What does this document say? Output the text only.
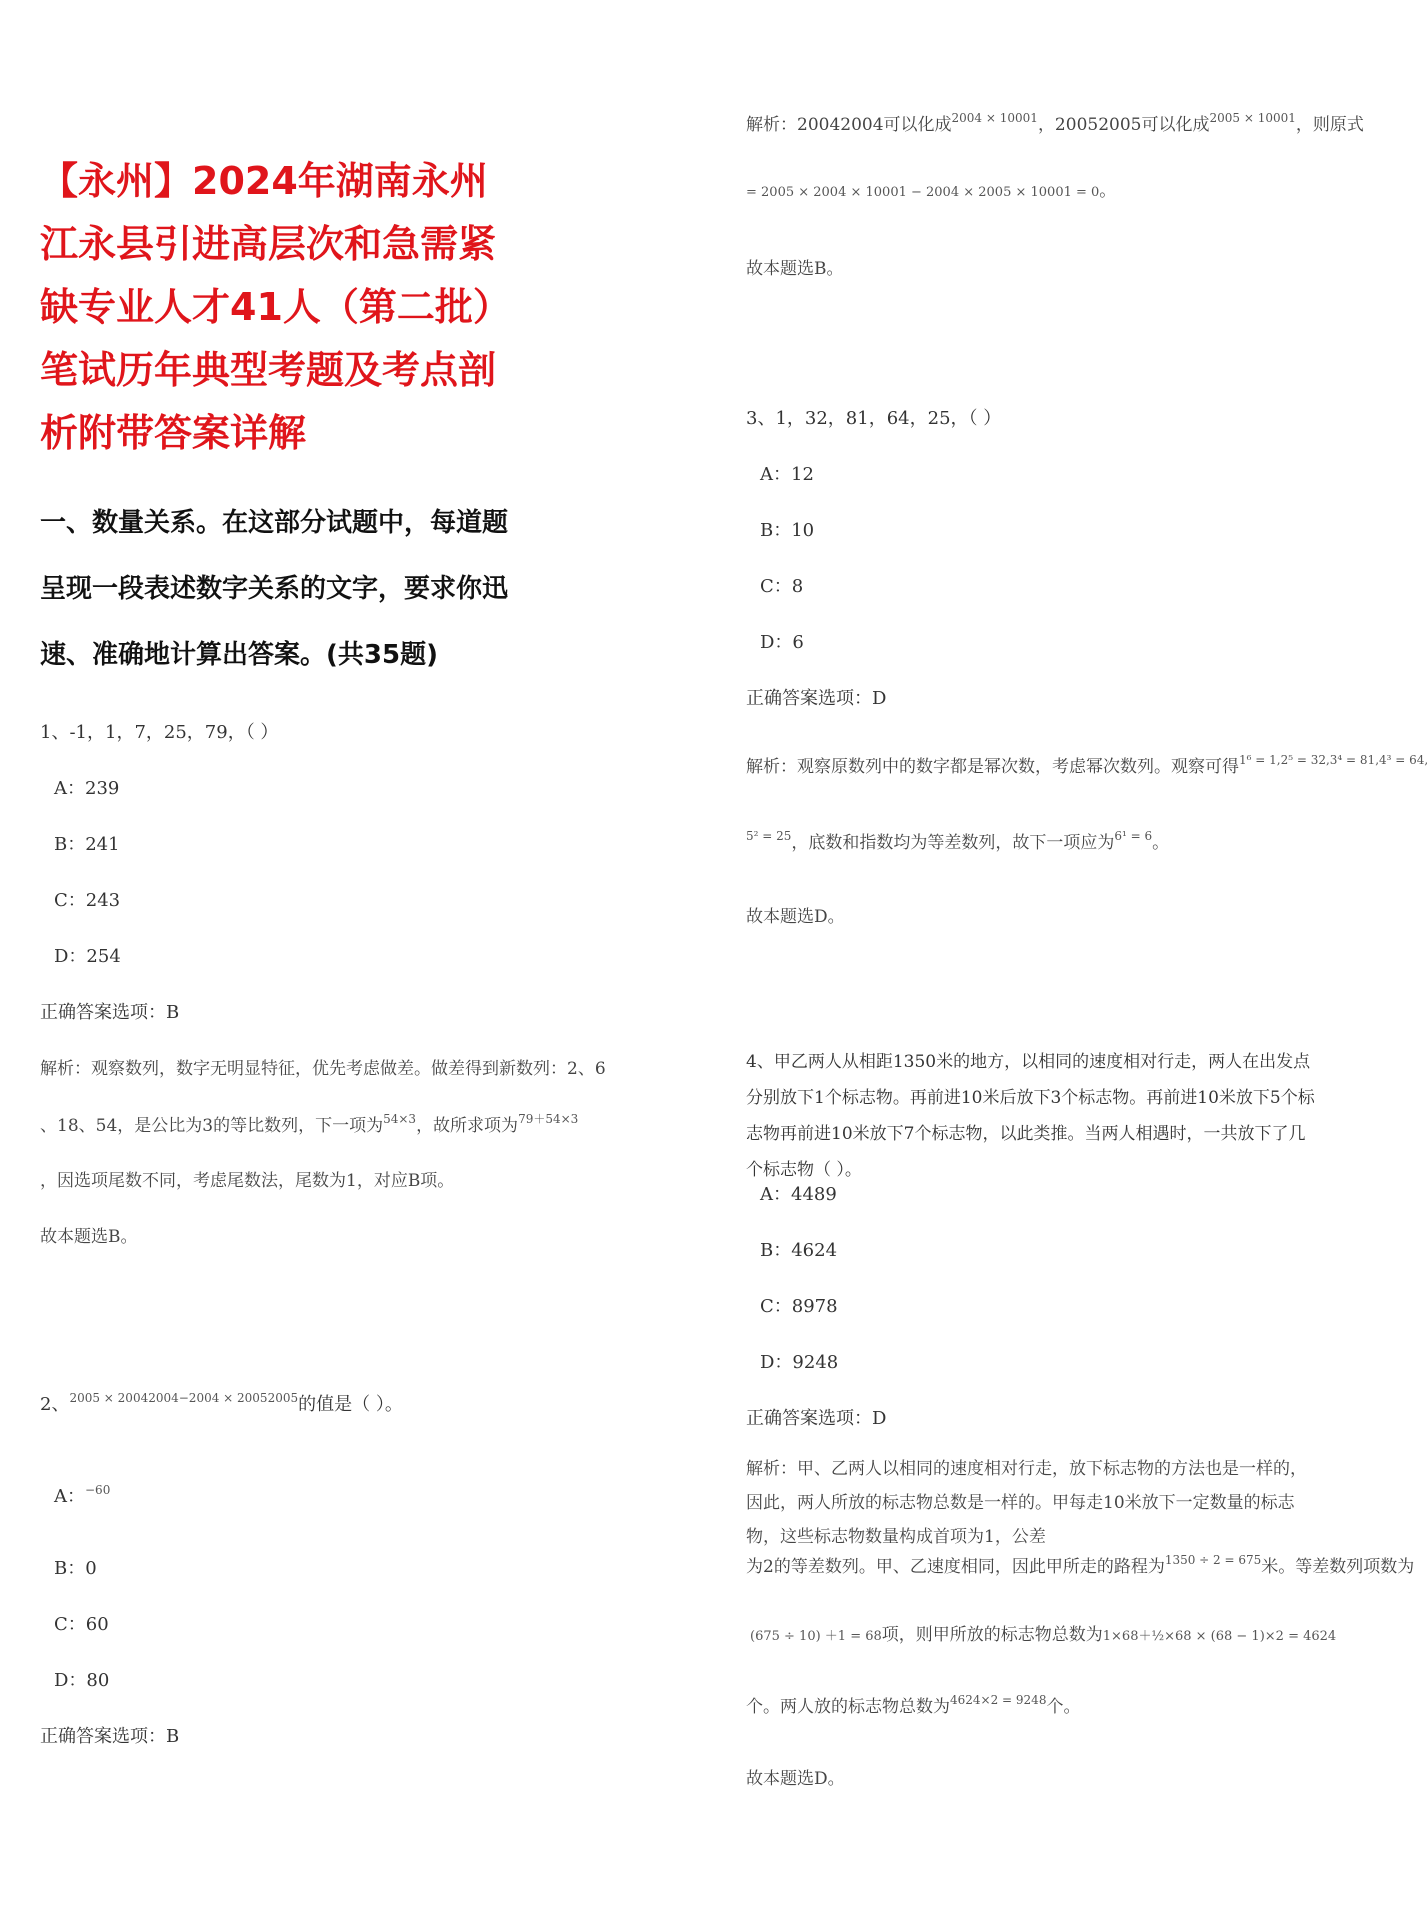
【永州】2024年湖南永州江永县引进高层次和急需紧缺专业人才41人（第二批）笔试历年典型考题及考点剖析附带答案详解
一、数量关系。在这部分试题中，每道题呈现一段表述数字关系的文字，要求你迅速、准确地计算出答案。(共35题)
1、-1，1，7，25，79，（ ）
A：239
B：241
C：243
D：254
正确答案选项：B
解析：观察数列，数字无明显特征，优先考虑做差。做差得到新数列：2、6
、18、54，是公比为3的等比数列，下一项为$^{54\times 3}$，故所求项为$^{79+54\times 3}$
，因选项尾数不同，考虑尾数法，尾数为1，对应B项。
故本题选B。
2、$^{2005 \times 20042004-2004 \times 20052005}$的值是（ ）。
A：$^{-60}$
B：0
C：60
D：80
正确答案选项：B
解析：20042004可以化成$^{2004 \times 10001}$，20052005可以化成$^{2005 \times 10001}$，则原式
= 2005 × 2004 × 10001 − 2004 × 2005 × 10001 = 0。
故本题选B。
3、1，32，81，64，25，（ ）
A：12
B：10
C：8
D：6
正确答案选项：D
解析：观察原数列中的数字都是幂次数，考虑幂次数列。观察可得$^{1^6 = 1,2^5 = 32,3^4 = 81,4^3 = 64,}$
$^{5^2 = 25}$，底数和指数均为等差数列，故下一项应为$^{6^1 = 6}$。
故本题选D。
4、甲乙两人从相距1350米的地方，以相同的速度相对行走，两人在出发点分别放下1个标志物。再前进10米后放下3个标志物。再前进10米放下5个标志物再前进10米放下7个标志物，以此类推。当两人相遇时，一共放下了几个标志物（ ）。
A：4489
B：4624
C：8978
D：9248
正确答案选项：D
解析：甲、乙两人以相同的速度相对行走，放下标志物的方法也是一样的，因此，两人所放的标志物总数是一样的。甲每走10米放下一定数量的标志物，这些标志物数量构成首项为1，公差
为2的等差数列。甲、乙速度相同，因此甲所走的路程为$^{1350 \div 2 = 675}$米。等差数列项数为
(675 ÷ 10) ＋1 = 68项，则甲所放的标志物总数为1×68＋½×68 × (68 − 1)×2 = 4624
个。两人放的标志物总数为$^{4624\times 2 = 9248}$个。
故本题选D。
